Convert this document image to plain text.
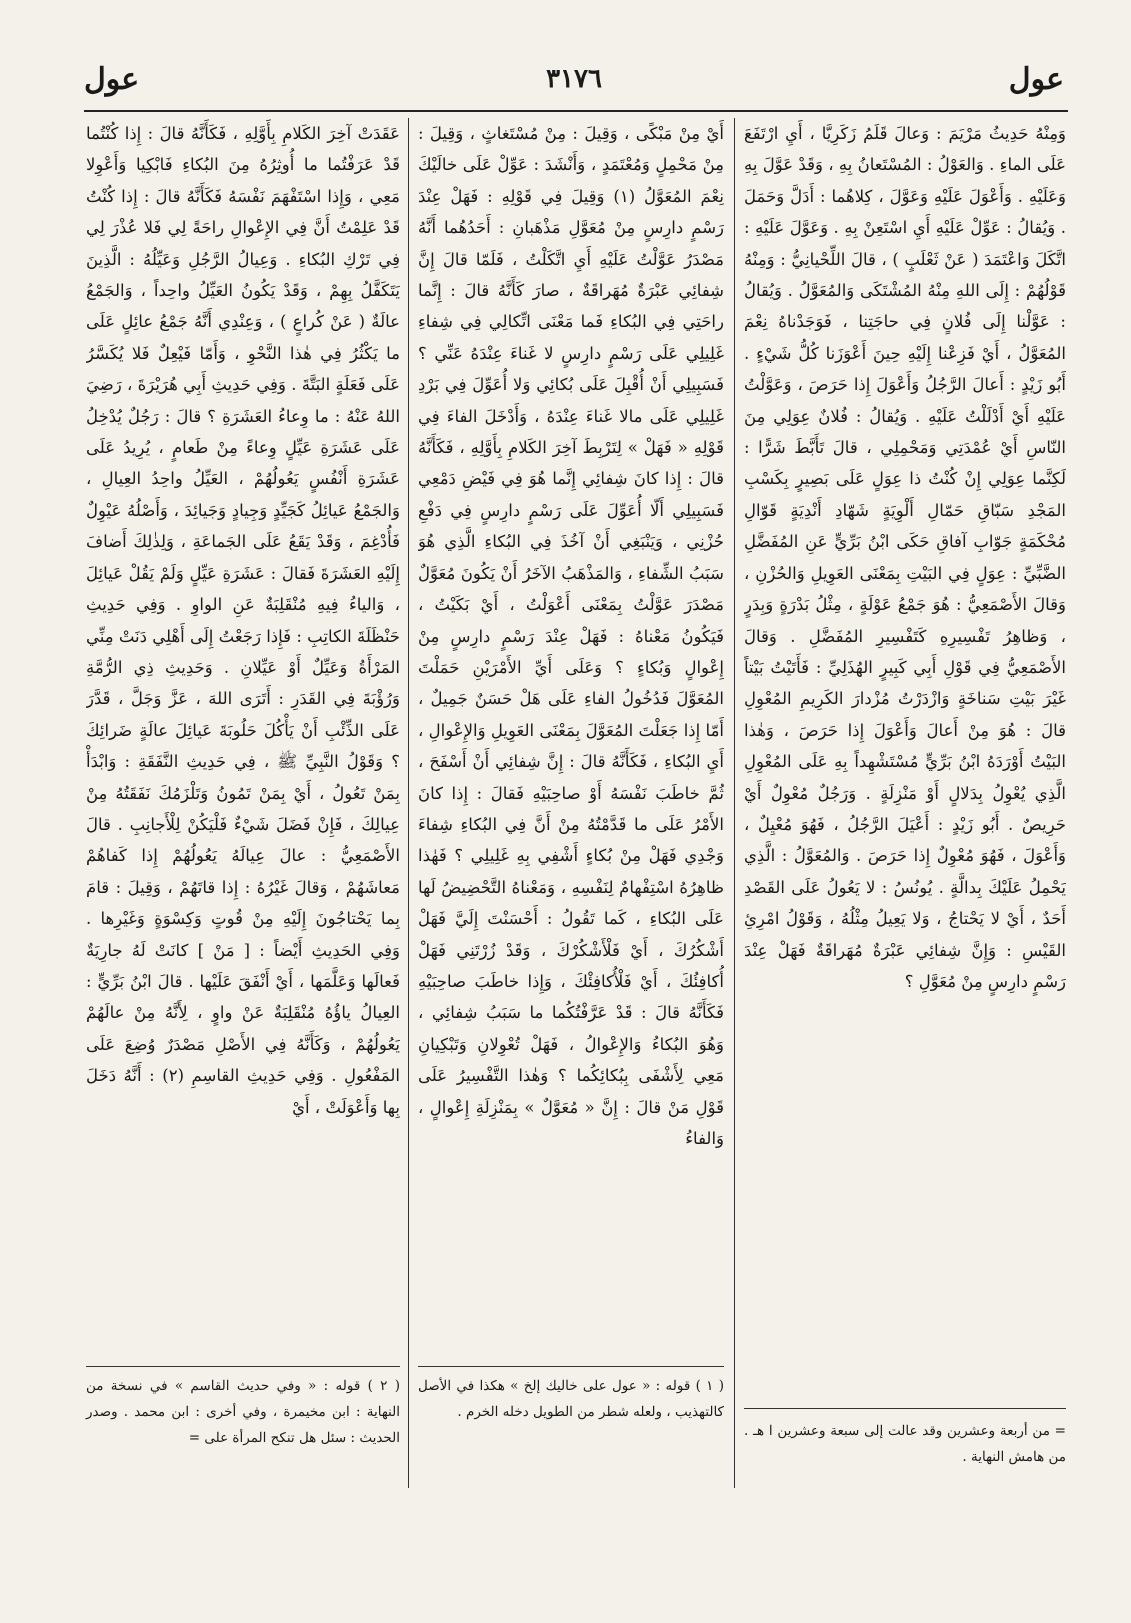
عول	٣١٧٦	عول

وَمِنْهُ حَدِيثُ مَرْيَمَ : وَعالَ قَلَمُ زَكَرِيَّا ، أَيِ ارْتَفَعَ عَلَى الماءِ . وَالعَوْلُ : المُسْتَعانُ بِهِ ، وَقَدْ عَوَّلَ بِهِ وَعَلَيْهِ . وَأَعْوَلَ عَلَيْهِ وَعَوَّلَ ، كِلاهُما : أَدَلَّ وَحَمَلَ . وَيُقالُ : عَوِّلْ عَلَيْهِ أَيِ اسْتَعِنْ بِهِ . وَعَوَّلَ عَلَيْهِ : اتَّكَلَ وَاعْتَمَدَ ( عَنْ ثَعْلَبٍ ) ، قالَ اللِّحْيانِيُّ : وَمِنْهُ قَوْلُهُمْ : إِلَى اللهِ مِنْهُ المُشْتَكَى وَالمُعَوَّلُ . وَيُقالُ : عَوَّلْنا إِلَى فُلانٍ فِي حاجَتِنا ، فَوَجَدْناهُ نِعْمَ المُعَوَّلُ ، أَيْ فَزِعْنا إِلَيْهِ حِينَ أَعْوَزَنا كُلُّ شَيْءٍ . أَبُو زَيْدٍ : أَعالَ الرَّجُلُ وَأَعْوَلَ إِذا حَرَصَ ، وَعَوَّلْتُ عَلَيْهِ أَيْ أَدْلَلْتُ عَلَيْهِ . وَيُقالُ : فُلانٌ عِوَلِي مِنَ النّاسِ أَيْ عُمْدَتِي وَمَحْمِلِي ، قالَ تَأَبَّطَ شَرًّا : لَكِنَّما عِوَلِي إِنْ كُنْتُ ذا عِوَلٍ عَلَى بَصِيرٍ بِكَسْبِ المَجْدِ سَبّاقِ حَمّالِ أَلْوِيَةٍ شَهّادِ أَنْدِيَةٍ قَوّالِ مُحْكَمَةٍ جَوّابِ آفاقِ حَكَى ابْنُ بَرِّيٍّ عَنِ المُفَضَّلِ الضَّبِّيِّ : عِوَلٍ فِي البَيْتِ بِمَعْنَى العَوِيلِ وَالحُزْنِ ، وَقالَ الأَصْمَعِيُّ : هُوَ جَمْعُ عَوْلَةٍ ، مِثْلُ بَدْرَةٍ وَبِدَرٍ ، وَظاهِرُ تَفْسِيرِهِ كَتَفْسِيرِ المُفَضَّلِ . وَقالَ الأَصْمَعِيُّ فِي قَوْلِ أَبِي كَبِيرٍ الهُذَلِيِّ : فَأَتَيْتُ بَيْتاً غَيْرَ بَيْتِ سَناخَةٍ وَازْدَرْتُ مُزْدارَ الكَرِيمِ المُعْوِلِ قالَ : هُوَ مِنْ أَعالَ وَأَعْوَلَ إِذا حَرَصَ ، وَهٰذا البَيْتُ أَوْرَدَهُ ابْنُ بَرِّيٍّ مُسْتَشْهِداً بِهِ عَلَى المُعْوِلِ الَّذِي يُعْوِلُ بِدَلالٍ أَوْ مَنْزِلَةٍ . وَرَجُلٌ مُعْوِلٌ أَيْ حَرِيصٌ . أَبُو زَيْدٍ : أَعْيَلَ الرَّجُلُ ، فَهُوَ مُعْيِلٌ ، وَأَعْوَلَ ، فَهُوَ مُعْوِلٌ إِذا حَرَصَ . وَالمُعَوَّلُ : الَّذِي يَحْمِلُ عَلَيْكَ بِدالَّةٍ . يُونُسُ : لا يَعُولُ عَلَى القَصْدِ أَحَدٌ ، أَيْ لا يَحْتاجُ ، وَلا يَعِيلُ مِثْلُهُ ، وَقَوْلُ امْرِئِ القَيْسِ : وَإِنَّ شِفائِي عَبْرَةٌ مُهَراقَةٌ فَهَلْ عِنْدَ رَسْمٍ دارِسٍ مِنْ مُعَوَّلِ ؟

أَيْ مِنْ مَبْكًى ، وَقِيلَ : مِنْ مُسْتَغاثٍ ، وَقِيلَ : مِنْ مَحْمِلٍ وَمُعْتَمَدٍ ، وَأَنْشَدَ : عَوِّلْ عَلَى خالَيْكَ نِعْمَ المُعَوَّلُ (١) وَقِيلَ فِي قَوْلِهِ : فَهَلْ عِنْدَ رَسْمٍ دارِسٍ مِنْ مُعَوَّلِ مَذْهَبانِ : أَحَدُهُما أَنَّهُ مَصْدَرُ عَوَّلْتُ عَلَيْهِ أَيِ اتَّكَلْتُ ، فَلَمّا قالَ إِنَّ شِفائِي عَبْرَةٌ مُهَراقَةٌ ، صارَ كَأَنَّهُ قالَ : إِنَّما راحَتِي فِي البُكاءِ فَما مَعْنَى اتِّكالِي فِي شِفاءِ غَلِيلِي عَلَى رَسْمٍ دارِسٍ لا غَناءَ عِنْدَهُ عَنِّي ؟ فَسَبِيلِي أَنْ أُقْبِلَ عَلَى بُكائِي وَلا أُعَوِّلَ فِي بَرْدِ غَلِيلِي عَلَى مالا غَناءَ عِنْدَهُ ، وَأَدْخَلَ الفاءَ فِي قَوْلِهِ « فَهَلْ » لِتَرْبِطَ آخِرَ الكَلامِ بِأَوَّلِهِ ، فَكَأَنَّهُ قالَ : إِذا كانَ شِفائِي إِنَّما هُوَ فِي فَيْضِ دَمْعِي فَسَبِيلِي أَلّا أُعَوِّلَ عَلَى رَسْمٍ دارِسٍ فِي دَفْعِ حُزْنِي ، وَيَنْبَغِي أَنْ آخُذَ فِي البُكاءِ الَّذِي هُوَ سَبَبُ الشِّفاءِ ، وَالمَذْهَبُ الآخَرُ أَنْ يَكُونَ مُعَوَّلٌ مَصْدَرَ عَوَّلْتُ بِمَعْنَى أَعْوَلْتُ ، أَيْ بَكَيْتُ ، فَيَكُونُ مَعْناهُ : فَهَلْ عِنْدَ رَسْمٍ دارِسٍ مِنْ إِعْوالٍ وَبُكاءٍ ؟ وَعَلَى أَيِّ الأَمْرَيْنِ حَمَلْتَ المُعَوَّلَ فَدُخُولُ الفاءِ عَلَى هَلْ حَسَنٌ جَمِيلٌ ، أَمّا إِذا جَعَلْتَ المُعَوَّلَ بِمَعْنَى العَوِيلِ وَالإِعْوالِ ، أَيِ البُكاءِ ، فَكَأَنَّهُ قالَ : إِنَّ شِفائِي أَنْ أَسْفَحَ ، ثُمَّ خاطَبَ نَفْسَهُ أَوْ صاحِبَيْهِ فَقالَ : إِذا كانَ الأَمْرُ عَلَى ما قَدَّمْتُهُ مِنْ أَنَّ فِي البُكاءِ شِفاءَ وَجْدِي فَهَلْ مِنْ بُكاءٍ أَشْفِي بِهِ غَلِيلِي ؟ فَهٰذا ظاهِرُهُ اسْتِفْهامٌ لِنَفْسِهِ ، وَمَعْناهُ التَّحْضِيضُ لَها عَلَى البُكاءِ ، كَما تَقُولُ : أَحْسَنْتَ إِلَيَّ فَهَلْ أَشْكُرُكَ ، أَيْ فَلْأَشْكُرْكَ ، وَقَدْ زُرْتَنِي فَهَلْ أُكافِئُكَ ، أَيْ فَلْأُكافِئْكَ ، وَإِذا خاطَبَ صاحِبَيْهِ فَكَأَنَّهُ قالَ : قَدْ عَرَّفْتُكُما ما سَبَبُ شِفائِي ، وَهُوَ البُكاءُ وَالإِعْوالُ ، فَهَلْ تُعْوِلانِ وَتَبْكِيانِ مَعِي لِأَشْفَى بِبُكائِكُما ؟ وَهٰذا التَّفْسِيرُ عَلَى قَوْلِ مَنْ قالَ : إِنَّ « مُعَوَّلٌ » بِمَنْزِلَةِ إِعْوالٍ ، وَالفاءُ

عَقَدَتْ آخِرَ الكَلامِ بِأَوَّلِهِ ، فَكَأَنَّهُ قالَ : إِذا كُنْتُما قَدْ عَرَفْتُما ما أُوثِرُهُ مِنَ البُكاءِ فَابْكِيا وَأَعْوِلا مَعِي ، وَإِذا اسْتَفْهَمَ نَفْسَهُ فَكَأَنَّهُ قالَ : إِذا كُنْتُ قَدْ عَلِمْتُ أَنَّ فِي الإِعْوالِ راحَةً لِي فَلا عُذْرَ لِي فِي تَرْكِ البُكاءِ . وَعِيالُ الرَّجُلِ وَعَيِّلُهُ : الَّذِينَ يَتَكَفَّلُ بِهِمْ ، وَقَدْ يَكُونُ العَيِّلُ واحِداً ، وَالجَمْعُ عالَةٌ ( عَنْ كُراعٍ ) ، وَعِنْدِي أَنَّهُ جَمْعُ عائِلٍ عَلَى ما يَكْثُرُ فِي هٰذا النَّحْوِ ، وَأَمّا فَيْعِلٌ فَلا يُكَسَّرُ عَلَى فَعَلَةٍ البَتَّةَ . وَفِي حَدِيثِ أَبِي هُرَيْرَةَ ، رَضِيَ اللهُ عَنْهُ : ما وِعاءُ العَشَرَةِ ؟ قالَ : رَجُلٌ يُدْخِلُ عَلَى عَشَرَةِ عَيِّلٍ وِعاءً مِنْ طَعامٍ ، يُرِيدُ عَلَى عَشَرَةِ أَنْفُسٍ يَعُولُهُمْ ، العَيِّلُ واحِدُ العِيالِ ، وَالجَمْعُ عَيائِلُ كَجَيِّدٍ وَجِيادٍ وَجَيائِدَ ، وَأَصْلُهُ عَيْوِلٌ فَأُدْغِمَ ، وَقَدْ يَقَعُ عَلَى الجَماعَةِ ، وَلِذٰلِكَ أَضافَ إِلَيْهِ العَشَرَةَ فَقالَ : عَشَرَةِ عَيِّلٍ وَلَمْ يَقُلْ عَيائِلَ ، وَالياءُ فِيهِ مُنْقَلِبَةٌ عَنِ الواوِ . وَفِي حَدِيثِ حَنْظَلَةَ الكاتِبِ : فَإِذا رَجَعْتُ إِلَى أَهْلِي دَنَتْ مِنِّي المَرْأَةُ وَعَيِّلٌ أَوْ عَيِّلانِ . وَحَدِيثِ ذِي الرُّمَّةِ وَرُؤْبَةَ فِي القَدَرِ : أَتَرَى اللهَ ، عَزَّ وَجَلَّ ، قَدَّرَ عَلَى الذِّئْبِ أَنْ يَأْكُلَ حَلُوبَةَ عَيائِلَ عالَةٍ ضَرائِكَ ؟ وَقَوْلُ النَّبِيِّ ﷺ ، فِي حَدِيثِ النَّفَقَةِ : وَابْدَأْ بِمَنْ تَعُولُ ، أَيْ بِمَنْ تَمُونُ وَتَلْزَمُكَ نَفَقَتُهُ مِنْ عِيالِكَ ، فَإِنْ فَضَلَ شَيْءٌ فَلْيَكُنْ لِلْأَجانِبِ . قالَ الأَصْمَعِيُّ : عالَ عِيالَهُ يَعُولُهُمْ إِذا كَفاهُمْ مَعاشَهُمْ ، وَقالَ غَيْرُهُ : إِذا قاتَهُمْ ، وَقِيلَ : قامَ بِما يَحْتاجُونَ إِلَيْهِ مِنْ قُوتٍ وَكِسْوَةٍ وَغَيْرِها . وَفِي الحَدِيثِ أَيْضاً : [ مَنْ ] كانَتْ لَهُ جارِيَةٌ فَعالَها وَعَلَّمَها ، أَيْ أَنْفَقَ عَلَيْها . قالَ ابْنُ بَرِّيٍّ : العِيالُ ياؤُهُ مُنْقَلِبَةٌ عَنْ واوٍ ، لِأَنَّهُ مِنْ عالَهُمْ يَعُولُهُمْ ، وَكَأَنَّهُ فِي الأَصْلِ مَصْدَرٌ وُضِعَ عَلَى المَفْعُولِ . وَفِي حَدِيثِ القاسِمِ (٢) : أَنَّهُ دَخَلَ بِها وَأَعْوَلَتْ ، أَيْ

( ١ ) قوله : « عول على خاليك إلخ » هكذا في الأصل كالتهذيب ، ولعله شطر من الطويل دخله الخرم .
( ٢ ) قوله : « وفي حديث القاسم » في نسخة من النهاية : ابن مخيمرة ، وفي أخرى : ابن محمد . وصدر الحديث : سئل هل تنكح المرأة على =	= من أربعة وعشرين وقد عالت إلى سبعة وعشرين ا هـ . من هامش النهاية .
